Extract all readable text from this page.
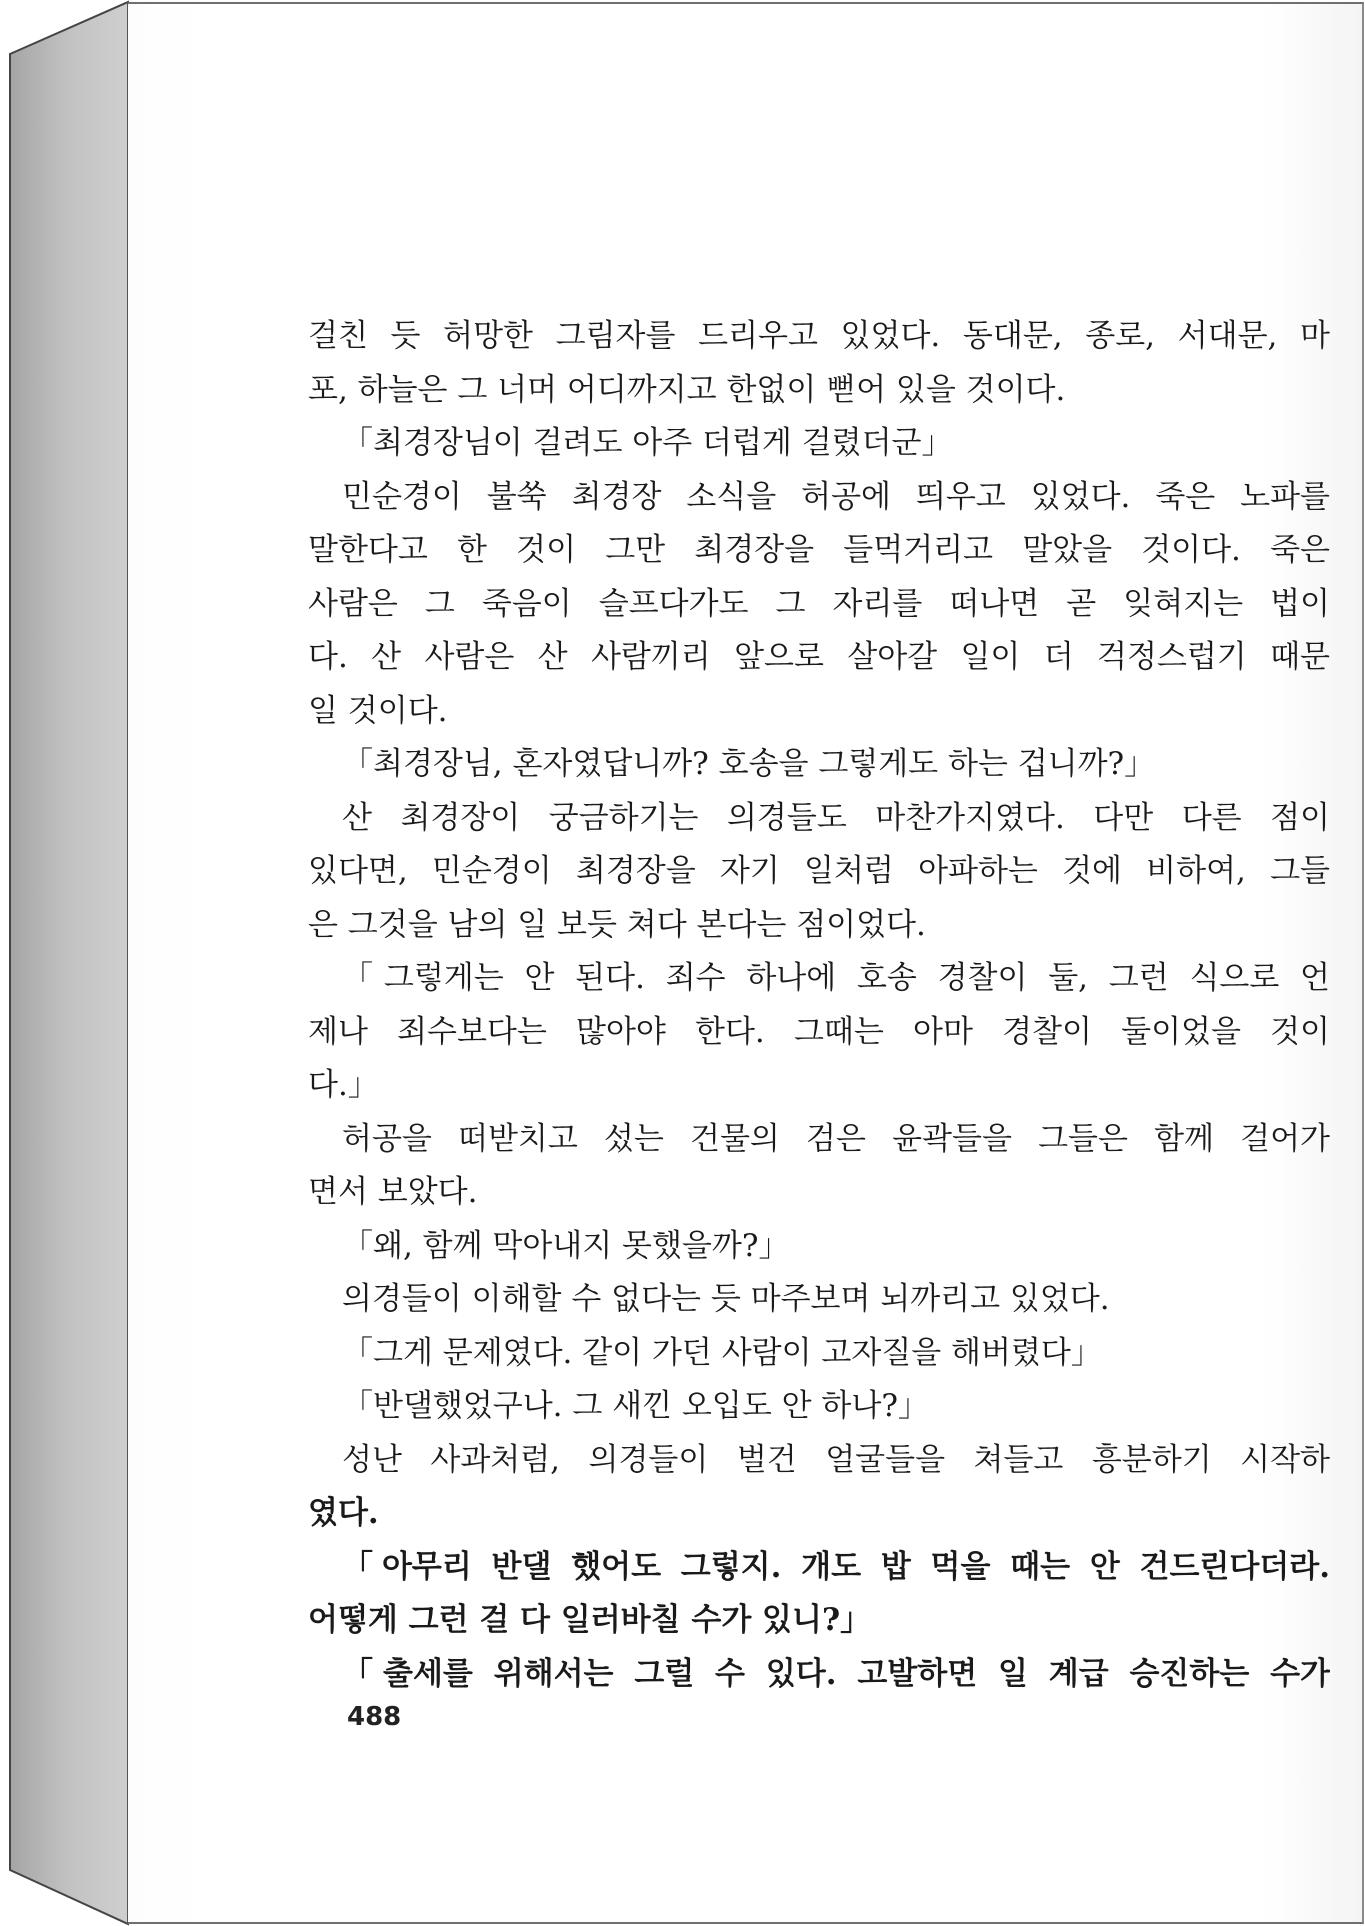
걸친 듯 허망한 그림자를 드리우고 있었다. 동대문, 종로, 서대문, 마
포, 하늘은 그 너머 어디까지고 한없이 뻗어 있을 것이다.
「최경장님이 걸려도 아주 더럽게 걸렸더군」
민순경이 불쑥 최경장 소식을 허공에 띄우고 있었다. 죽은 노파를
말한다고 한 것이 그만 최경장을 들먹거리고 말았을 것이다. 죽은
사람은 그 죽음이 슬프다가도 그 자리를 떠나면 곧 잊혀지는 법이
다. 산 사람은 산 사람끼리 앞으로 살아갈 일이 더 걱정스럽기 때문
일 것이다.
「최경장님, 혼자였답니까? 호송을 그렇게도 하는 겁니까?」
산 최경장이 궁금하기는 의경들도 마찬가지였다. 다만 다른 점이
있다면, 민순경이 최경장을 자기 일처럼 아파하는 것에 비하여, 그들
은 그것을 남의 일 보듯 쳐다 본다는 점이었다.
「그렇게는 안 된다. 죄수 하나에 호송 경찰이 둘, 그런 식으로 언
제나 죄수보다는 많아야 한다. 그때는 아마 경찰이 둘이었을 것이
다.」
허공을 떠받치고 섰는 건물의 검은 윤곽들을 그들은 함께 걸어가
면서 보았다.
「왜, 함께 막아내지 못했을까?」
의경들이 이해할 수 없다는 듯 마주보며 뇌까리고 있었다.
「그게 문제였다. 같이 가던 사람이 고자질을 해버렸다」
「반댈했었구나. 그 새낀 오입도 안 하나?」
성난 사과처럼, 의경들이 벌건 얼굴들을 쳐들고 흥분하기 시작하
였다.
「아무리 반댈 했어도 그렇지. 개도 밥 먹을 때는 안 건드린다더라.
어떻게 그런 걸 다 일러바칠 수가 있니?」
「출세를 위해서는 그럴 수 있다. 고발하면 일 계급 승진하는 수가
488
